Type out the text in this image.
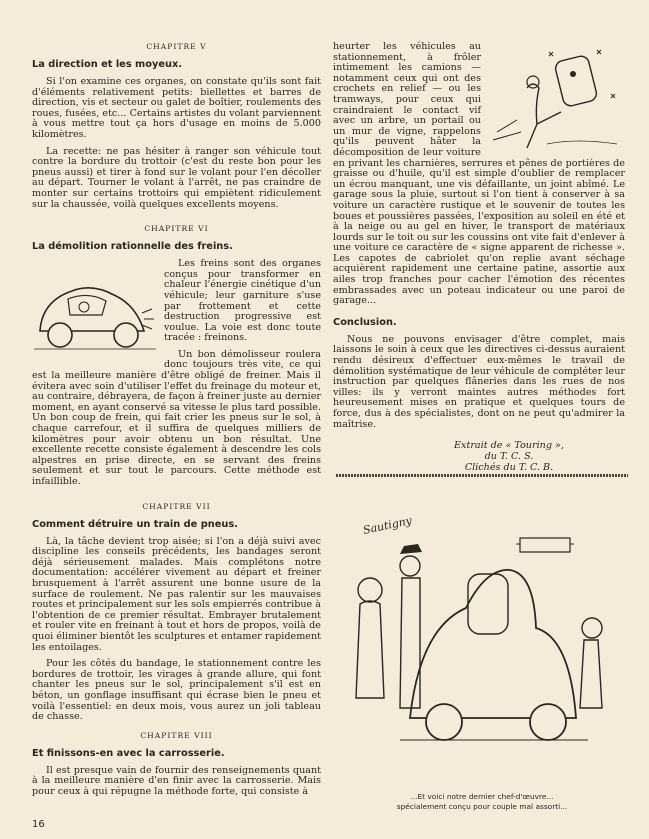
CHAPITRE V
La direction et les moyeux.

Si l'on examine ces organes, on constate qu'ils sont fait d'éléments relativement petits: biellettes et barres de direction, vis et secteur ou galet de boîtier, roulements des roues, fusées, etc... Certains artistes du volant parviennent à vous mettre tout ça hors d'usage en moins de 5.000 kilomètres.

La recette: ne pas hésiter à ranger son véhicule tout contre la bordure du trottoir (c'est du reste bon pour les pneus aussi) et tirer à fond sur le volant pour l'en décoller au départ. Tourner le volant à l'arrêt, ne pas craindre de monter sur certains trottoirs qui empiètent ridiculement sur la chaussée, voilà quelques excellents moyens.

CHAPITRE VI
La démolition rationnelle des freins.

Les freins sont des organes conçus pour transformer en chaleur l'énergie cinétique d'un véhicule; leur garniture s'use par frottement et cette destruction progressive est voulue. La voie est donc toute tracée : freinons.

Un bon démolisseur roulera donc toujours très vite, ce qui est la meilleure manière d'être obligé de freiner. Mais il évitera avec soin d'utiliser l'effet du freinage du moteur et, au contraire, débrayera, de façon à freiner juste au dernier moment, en ayant conservé sa vitesse le plus tard possible. Un bon coup de frein, qui fait crier les pneus sur le sol, à chaque carrefour, et il suffira de quelques milliers de kilomètres pour avoir obtenu un bon résultat. Une excellente recette consiste également à descendre les cols alpestres en prise directe, en se servant des freins seulement et sur tout le parcours. Cette méthode est infaillible.

CHAPITRE VII
Comment détruire un train de pneus.

Là, la tâche devient trop aisée; si l'on a déjà suivi avec discipline les conseils précédents, les bandages seront déjà sérieusement malades. Mais complétons notre documentation: accélérer vivement au départ et freiner brusquement à l'arrêt assurent une bonne usure de la surface de roulement. Ne pas ralentir sur les mauvaises routes et principalement sur les sols empierrés contribue à l'obtention de ce premier résultat. Embrayer brutalement et rouler vite en freinant à tout et hors de propos, voilà de quoi éliminer bientôt les sculptures et entamer rapidement les entoilages.

Pour les côtés du bandage, le stationnement contre les bordures de trottoir, les virages à grande allure, qui font chanter les pneus sur le sol, principalement s'il est en béton, un gonflage insuffisant qui écrase bien le pneu et voilà l'essentiel: en deux mois, vous aurez un joli tableau de chasse.

CHAPITRE VIII
Et finissons-en avec la carrosserie.

Il est presque vain de fournir des renseignements quant à la meilleure manière d'en finir avec la carrosserie. Mais pour ceux à qui répugne la méthode forte, qui consiste à

heurter les véhicules au stationnement, à frôler intimement les camions — notamment ceux qui ont des crochets en relief — ou les tramways, pour ceux qui craindraient le contact vif avec un arbre, un portail ou un mur de vigne, rappelons qu'ils peuvent hâter la décomposition de leur voiture en privant les charnières, serrures et pênes de portières de graisse ou d'huile, qu'il est simple d'oublier de remplacer un écrou manquant, une vis défaillante, un joint abîmé. Le garage sous la pluie, surtout si l'on tient à conserver à sa voiture un caractère rustique et le souvenir de toutes les boues et poussières passées, l'exposition au soleil en été et à la neige ou au gel en hiver, le transport de matériaux lourds sur le toit ou sur les coussins ont vite fait d'enlever à une voiture ce caractère de « signe apparent de richesse ». Les capotes de cabriolet qu'on replie avant séchage acquièrent rapidement une certaine patine, assortie aux ailes trop franches pour cacher l'émotion des récentes embrassades avec un poteau indicateur ou une paroi de garage...

Conclusion.

Nous ne pouvons envisager d'être complet, mais laissons le soin à ceux que les directives ci-dessus auraient rendu désireux d'effectuer eux-mêmes le travail de démolition systématique de leur véhicule de compléter leur instruction par quelques flâneries dans les rues de nos villes: ils y verront maintes autres méthodes fort heureusement mises en pratique et quelques tours de force, dus à des spécialistes, dont on ne peut qu'admirer la maîtrise.

Extrait de « Touring »,
du T. C. S.
Clichés du T. C. B.
Sautigny
...Et voici notre dernier chef-d'œuvre...
spécialement conçu pour couple mal assorti...
16
